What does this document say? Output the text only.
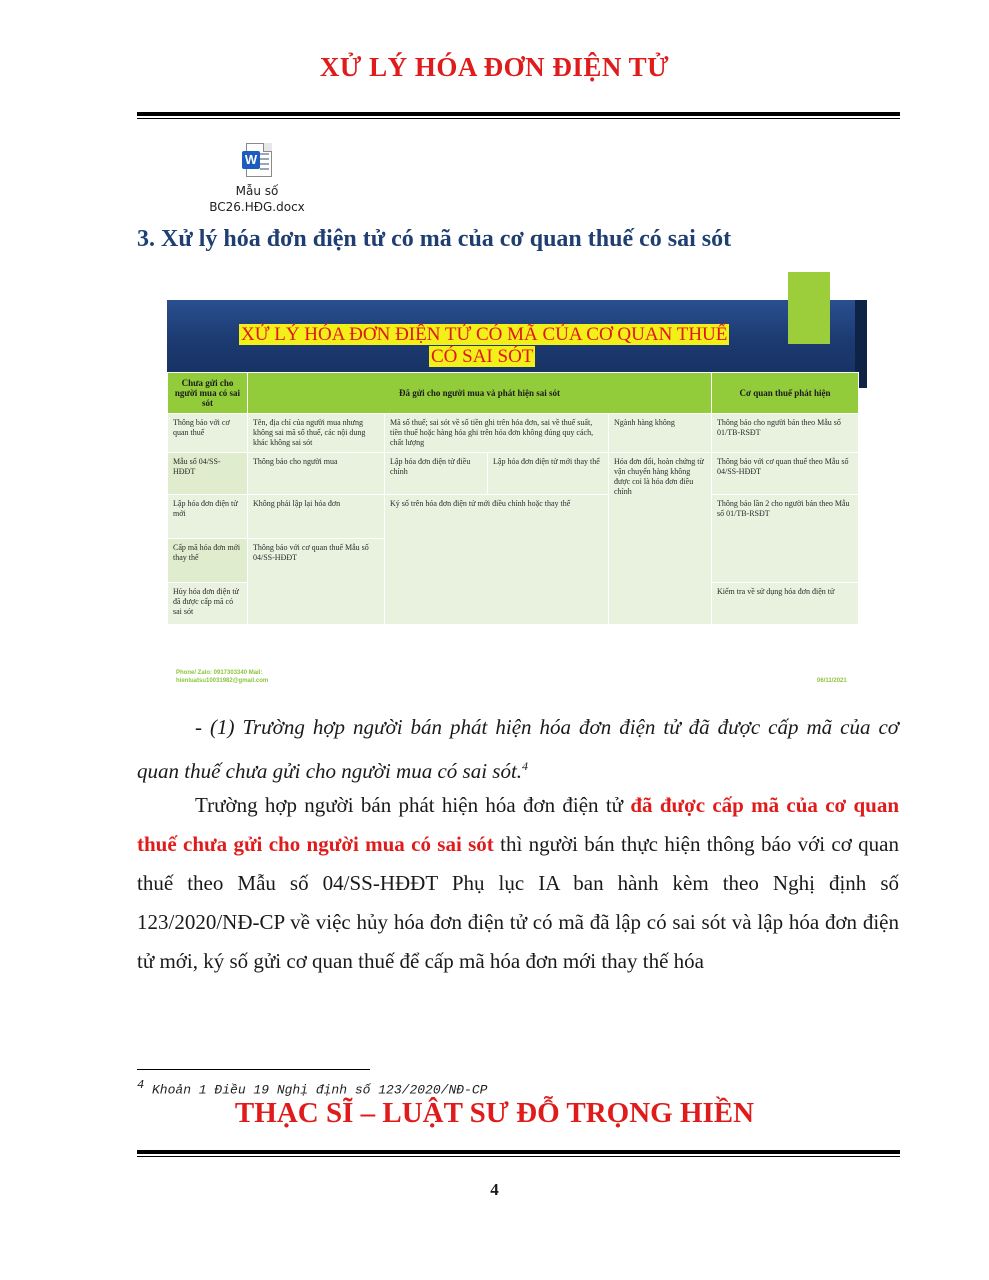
XỬ LÝ HÓA ĐƠN ĐIỆN TỬ
W
Mẫu số
BC26.HĐG.docx
3. Xử lý hóa đơn điện tử có mã của cơ quan thuế có sai sót
XỬ LÝ HÓA ĐƠN ĐIỆN TỬ CÓ MÃ CỦA CƠ QUAN THUẾ
CÓ SAI SÓT
Chưa gửi cho người mua có sai sót	Đã gửi cho người mua và phát hiện sai sót				Cơ quan thuế phát hiện
Thông báo với cơ quan thuế	Tên, địa chỉ của người mua nhưng không sai mã số thuế, các nội dung khác không sai sót	Mã số thuế; sai sót về số tiền ghi trên hóa đơn, sai về thuế suất, tiền thuế hoặc hàng hóa ghi trên hóa đơn không đúng quy cách, chất lượng		Ngành hàng không	Thông báo cho người bán theo Mẫu số 01/TB-RSĐT
Mẫu số 04/SS-HĐĐT	Thông báo cho người mua	Lập hóa đơn điện tử điều chỉnh	Lập hóa đơn điện tử mới thay thế	Hóa đơn đổi, hoàn chứng từ vận chuyển hàng không được coi là hóa đơn điều chỉnh	Thông báo với cơ quan thuế theo Mẫu số 04/SS-HĐĐT
Lập hóa đơn điện tử mới	Không phải lập lại hóa đơn	Ký số trên hóa đơn điện tử mới điều chỉnh hoặc thay thế			Thông báo lần 2 cho người bán theo Mẫu số 01/TB-RSĐT
Cấp mã hóa đơn mới thay thế	Thông báo với cơ quan thuế Mẫu số 04/SS-HĐĐT				
Hủy hóa đơn điện tử đã được cấp mã có sai sót					Kiểm tra về sử dụng hóa đơn điện tử
Phone/ Zalo: 0917303340 Mail:
hienluatsu10031982@gmail.com	06/11/2021
- (1) Trường hợp người bán phát hiện hóa đơn điện tử đã được cấp mã của cơ quan thuế chưa gửi cho người mua có sai sót.$^4$
Trường hợp người bán phát hiện hóa đơn điện tử đã được cấp mã của cơ quan thuế chưa gửi cho người mua có sai sót thì người bán thực hiện thông báo với cơ quan thuế theo Mẫu số 04/SS-HĐĐT Phụ lục IA ban hành kèm theo Nghị định số 123/2020/NĐ-CP về việc hủy hóa đơn điện tử có mã đã lập có sai sót và lập hóa đơn điện tử mới, ký số gửi cơ quan thuế để cấp mã hóa đơn mới thay thế hóa
$^4$ Khoản 1 Điều 19 Nghị định số 123/2020/NĐ-CP
THẠC SĨ – LUẬT SƯ ĐỖ TRỌNG HIỀN
4
